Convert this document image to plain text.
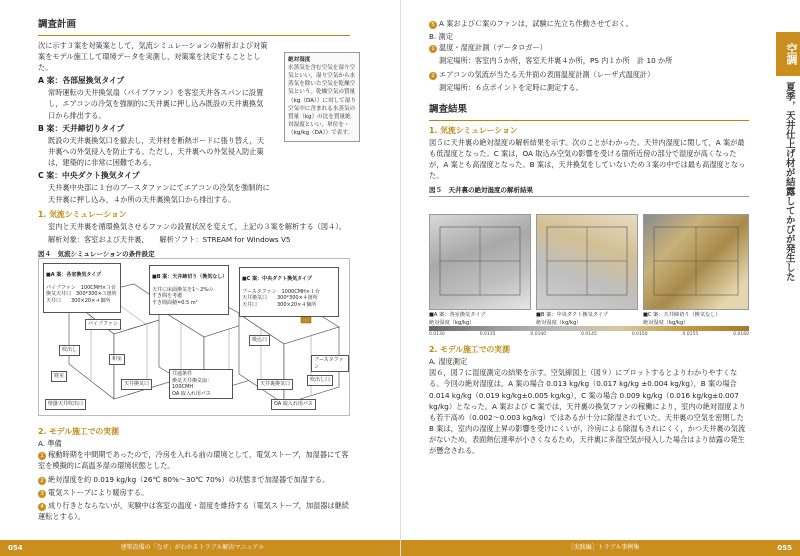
調査計画

次に示す３案を対策案として，気流シミュレーションの解析および対策案をモデル施工して環境データを実測し，対策案を決定することとした。

A 案：各部屋換気タイプ

常時運転の天井換気扇（パイプファン）を客室天井各スパンに設置し，エアコンの冷気を強制的に天井裏に押し込み既設の天井裏換気口から排出する。

B 案：天井締切りタイプ

既設の天井裏換気口を撤去し，天井材を断熱ボードに張り替え，天井裏への外気侵入を防止する。ただし，天井裏への外気侵入防止策は，建築的に非常に困難である。

C 案：中央ダクト換気タイプ

天井裏中央部に１台のブースタファンにてエアコンの冷気を強制的に天井裏に押し込み，４か所の天井裏換気口から排出する。

1. 気流シミュレーション

室内と天井裏を循環換気させるファンの設置状況を変えて，上記の３案を解析する（図４）。

解析対象：客室および天井裏，　　解析ソフト：STREAM for Windows V5

図４　気流シミュレーションの条件設定
絶対湿度
水蒸気を含む空気を湿り空気といい，湿り空気から水蒸気を除いた空気を乾燥空気という。乾燥空気の質量（kg（DA））に対して湿り空気中に含まれる水蒸気の質量（kg）の比を質量絶対湿度といい，単位を・（kg/kg（DA））で表す。

■A 案：各室換気タイプ

パイプファン　100CMH×３台
換気天井口　300*300×３箇所
天井口　　300×20×４個所

■B 案：天井締切り（換気なし）

天井に床面換気を1～2%の
すき間を考慮
すき間面積=0.5 m²

■C 案：中央ダクト換気タイプ

ブースタファン　1000CMH×１台
天井換気口　　300*300×４箇所
天井口　　　　300×20×４個所

共通条件
換気天井換気扇：100CMH
OA 取入れ用パス
パイプファン
吹出し
寝室
和室
天井換気口
壁掛天井吹出口	OA 取入れ用パス
天井裏換気口
ブースタファン
吸込口
吹出し口
2. モデル施工での実測
A. 準備

1 稼動時期を中間期であったので，冷房を入れる前の環境として，電気ストーブ，加湿器にて客室を模擬的に高温多湿の環境状態とした。

2 絶対湿度を約 0.019 kg/kg（26℃ 80%～30℃ 70%）の状態まで加湿器で加湿する。

3 電気ストーブにより暖房する。

4 成り行きとならないが，実験中は客室の温度・湿度を維持する（電気ストーブ，加湿器は継続運転とする）。

054	建築設備の「なぜ」がわかるトラブル解決マニュアル

5 A 案およびＣ案のファンは，試験に先立ち作動させておく。

B. 測定

1 温度・湿度計測（データロガー）

測定場所：客室内５か所，客室天井裏４か所，PS 内１か所　計 10 か所

2 エアコンの気流が当たる天井面の表面温度計測（レーザ式温度計）

測定場所：６点ポイントを定時に測定する。

調査結果
1. 気流シミュレーション

図５に天井裏の絶対湿度の解析結果を示す。次のことがわかった。天井内湿度に関して，A 案が最も低湿度となった。C 案は，OA 取込み空気の影響を受ける箇所近傍の部分で湿度が高くなったが，A 案とも高湿度となった。B 案は，天井換気をしていないため３案の中では最も高湿度となった。

図５　天井裏の絶対湿度の解析結果
■A 案：各室換気タイプ
絶対湿度（kg/kg）
■B 案：中央ダクト換気タイプ
絶対湿度（kg/kg）
■C 案：天井締切り（換気なし）
絶対湿度（kg/kg）
0.0130	0.0135	0.0140	0.0145	0.0150	0.0155	0.0160
2. モデル施工での実測
A. 湿度測定

図６，図７に湿度測定の結果を示す。空気線図上（図９）にプロットするとよりわかりやすくなる。今回の絶対湿度は，A 案の場合 0.013 kg/kg（0.017 kg/kg ±0.004 kg/kg），B 案の場合 0.014 kg/kg（0.019 kg/kg±0.005 kg/kg），C 案の場合 0.009 kg/kg（0.016 kg/kg±0.007 kg/kg）となった。A 案および C 案では，天井裏の換気ファンの稼働により，室内の絶対湿度よりも若干高め（0.002～0.003 kg/kg）ではあるが十分に除湿されていた。天井裏の空気を密閉した B 案は，室内の湿度上昇の影響を受けにくいが，冷房による除湿もされにくく，かつ天井裏の気流がないため，表面熱伝達率が小さくなるため，天井裏に多湿空気が侵入した場合はより結露の発生が懸念される。

空調
夏季，天井仕上げ材が結露してかびが発生した
［実践編］トラブル事例集	055
